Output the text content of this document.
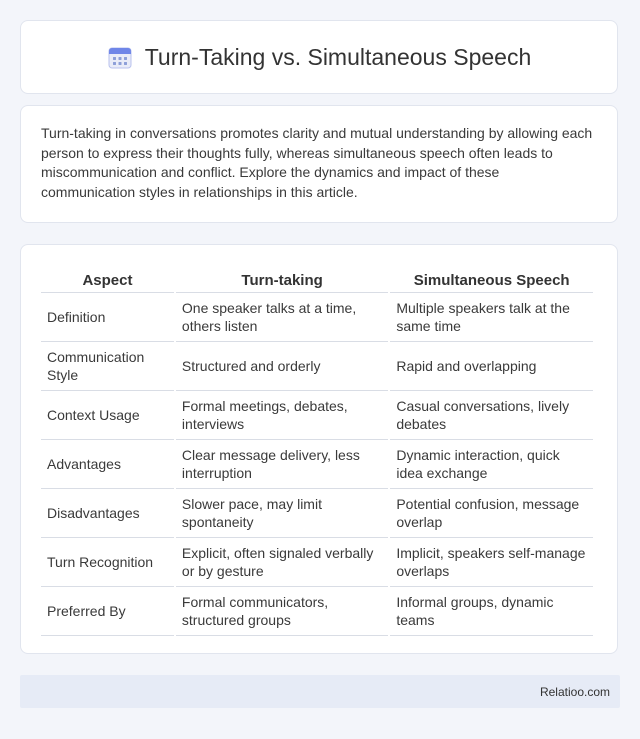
Turn-Taking vs. Simultaneous Speech

Turn-taking in conversations promotes clarity and mutual understanding by allowing each person to express their thoughts fully, whereas simultaneous speech often leads to miscommunication and conflict. Explore the dynamics and impact of these communication styles in relationships in this article.

Aspect	Turn-taking	Simultaneous Speech
Definition	One speaker talks at a time, others listen	Multiple speakers talk at the same time
Communication Style	Structured and orderly	Rapid and overlapping
Context Usage	Formal meetings, debates, interviews	Casual conversations, lively debates
Advantages	Clear message delivery, less interruption	Dynamic interaction, quick idea exchange
Disadvantages	Slower pace, may limit spontaneity	Potential confusion, message overlap
Turn Recognition	Explicit, often signaled verbally or by gesture	Implicit, speakers self-manage overlaps
Preferred By	Formal communicators, structured groups	Informal groups, dynamic teams
Relatioo.com
